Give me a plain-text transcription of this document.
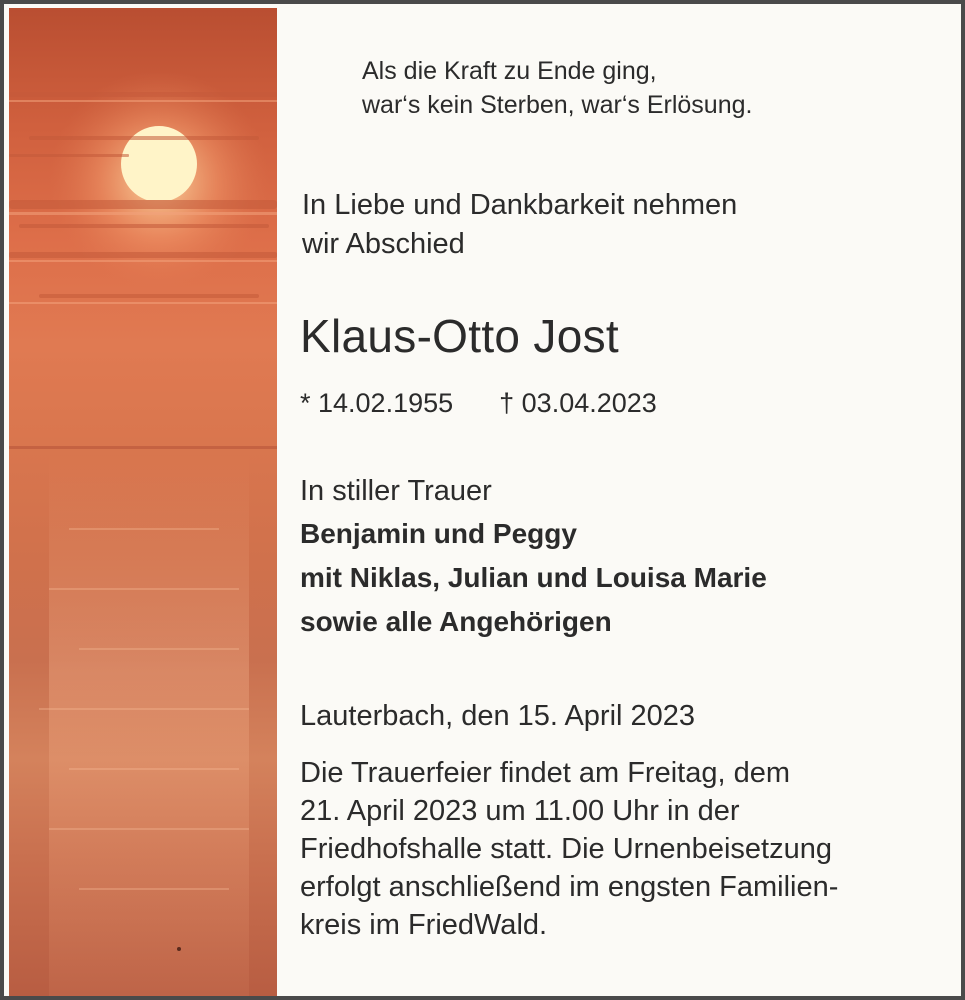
Als die Kraft zu Ende ging,
war‘s kein Sterben, war‘s Erlösung.
In Liebe und Dankbarkeit nehmen
wir Abschied
Klaus-Otto Jost
* 14.02.1955 † 03.04.2023
In stiller Trauer
Benjamin und Peggy
mit Niklas, Julian und Louisa Marie
sowie alle Angehörigen
Lauterbach, den 15. April 2023
Die Trauerfeier findet am Freitag, dem
21. April 2023 um 11.00 Uhr in der
Friedhofshalle statt. Die Urnenbeisetzung
erfolgt anschließend im engsten Familien-
kreis im FriedWald.
